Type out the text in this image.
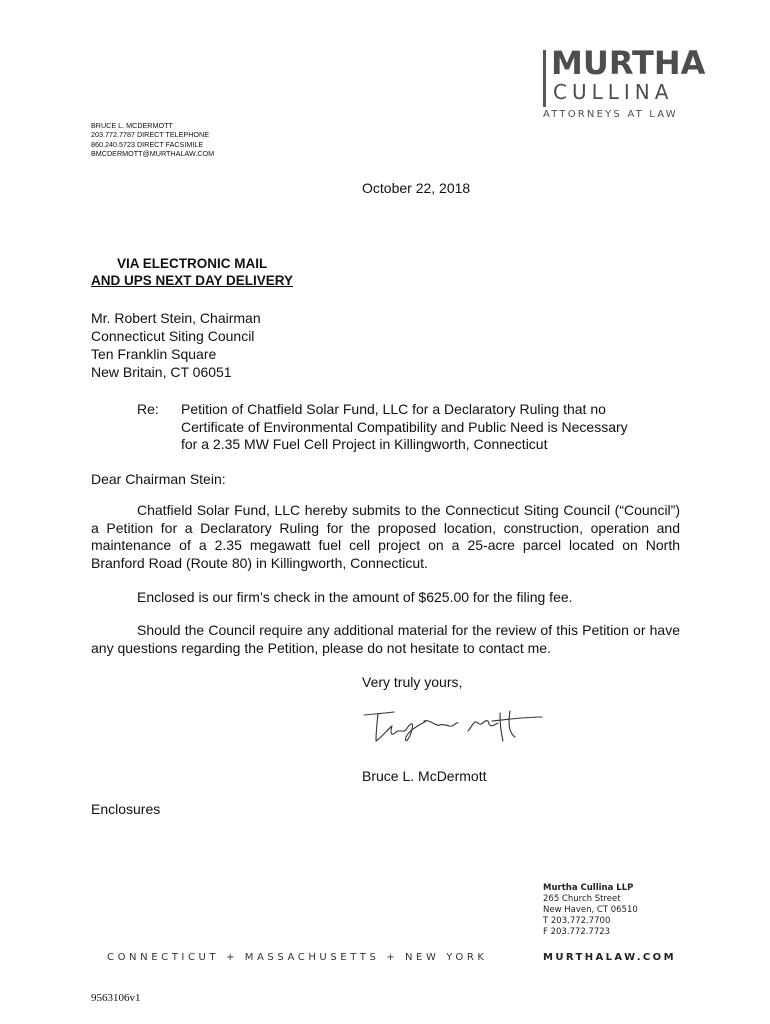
MURTHA
CULLINA
ATTORNEYS AT LAW
BRUCE L. MCDERMOTT
203.772.7787 DIRECT TELEPHONE
860.240.5723 DIRECT FACSIMILE
BMCDERMOTT@MURTHALAW.COM
October 22, 2018
VIA ELECTRONIC MAIL
AND UPS NEXT DAY DELIVERY
Mr. Robert Stein, Chairman
Connecticut Siting Council
Ten Franklin Square
New Britain, CT 06051
Re: Petition of Chatfield Solar Fund, LLC for a Declaratory Ruling that no
Certificate of Environmental Compatibility and Public Need is Necessary
for a 2.35 MW Fuel Cell Project in Killingworth, Connecticut
Dear Chairman Stein:
Chatfield Solar Fund, LLC hereby submits to the Connecticut Siting Council (“Council”) a Petition for a Declaratory Ruling for the proposed location, construction, operation and maintenance of a 2.35 megawatt fuel cell project on a 25-acre parcel located on North Branford Road (Route 80) in Killingworth, Connecticut.
Enclosed is our firm’s check in the amount of $625.00 for the filing fee.
Should the Council require any additional material for the review of this Petition or have any questions regarding the Petition, please do not hesitate to contact me.
Very truly yours,
Bruce L. McDermott
Enclosures
Murtha Cullina LLP
265 Church Street
New Haven, CT 06510
T 203.772.7700
F 203.772.7723
CONNECTICUT + MASSACHUSETTS + NEW YORK	MURTHALAW.COM
9563106v1
